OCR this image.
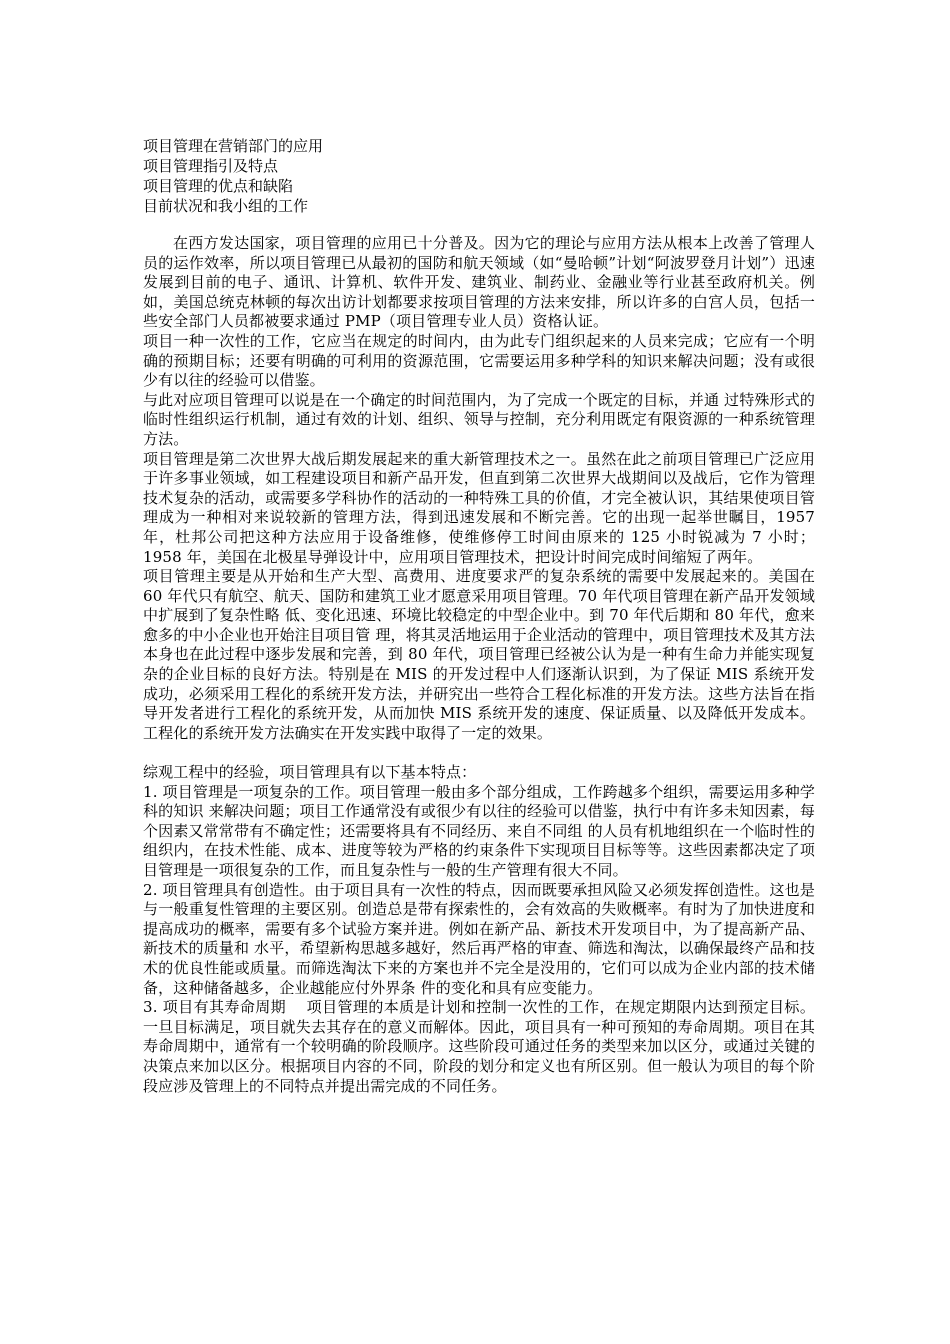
项目管理在营销部门的应用

项目管理指引及特点

项目管理的优点和缺陷

目前状况和我小组的工作

在西方发达国家，项目管理的应用已十分普及。因为它的理论与应用方法从根本上改善了管理人员的运作效率，所以项目管理已从最初的国防和航天领域（如“曼哈顿”计划“阿波罗登月计划”）迅速发展到目前的电子、通讯、计算机、软件开发、建筑业、制药业、金融业等行业甚至政府机关。例如，美国总统克林顿的每次出访计划都要求按项目管理的方法来安排，所以许多的白宫人员，包括一些安全部门人员都被要求通过 PMP（项目管理专业人员）资格认证。

项目一种一次性的工作，它应当在规定的时间内，由为此专门组织起来的人员来完成；它应有一个明确的预期目标；还要有明确的可利用的资源范围，它需要运用多种学科的知识来解决问题；没有或很少有以往的经验可以借鉴。

与此对应项目管理可以说是在一个确定的时间范围内，为了完成一个既定的目标，并通 过特殊形式的临时性组织运行机制，通过有效的计划、组织、领导与控制，充分利用既定有限资源的一种系统管理方法。

项目管理是第二次世界大战后期发展起来的重大新管理技术之一。虽然在此之前项目管理已广泛应用于许多事业领域，如工程建设项目和新产品开发，但直到第二次世界大战期间以及战后，它作为管理技术复杂的活动，或需要多学科协作的活动的一种特殊工具的价值，才完全被认识，其结果使项目管理成为一种相对来说较新的管理方法，得到迅速发展和不断完善。它的出现一起举世瞩目，1957 年，杜邦公司把这种方法应用于设备维修，使维修停工时间由原来的 125 小时锐减为 7 小时；1958 年，美国在北极星导弹设计中，应用项目管理技术，把设计时间完成时间缩短了两年。

项目管理主要是从开始和生产大型、高费用、进度要求严的复杂系统的需要中发展起来的。美国在 60 年代只有航空、航天、国防和建筑工业才愿意采用项目管理。70 年代项目管理在新产品开发领域中扩展到了复杂性略 低、变化迅速、环境比较稳定的中型企业中。到 70 年代后期和 80 年代，愈来愈多的中小企业也开始注目项目管 理，将其灵活地运用于企业活动的管理中，项目管理技术及其方法本身也在此过程中逐步发展和完善，到 80 年代，项目管理已经被公认为是一种有生命力并能实现复杂的企业目标的良好方法。特别是在 MIS 的开发过程中人们逐渐认识到，为了保证 MIS 系统开发成功，必须采用工程化的系统开发方法，并研究出一些符合工程化标准的开发方法。这些方法旨在指导开发者进行工程化的系统开发，从而加快 MIS 系统开发的速度、保证质量、以及降低开发成本。工程化的系统开发方法确实在开发实践中取得了一定的效果。

综观工程中的经验，项目管理具有以下基本特点：

1. 项目管理是一项复杂的工作。项目管理一般由多个部分组成，工作跨越多个组织，需要运用多种学科的知识 来解决问题；项目工作通常没有或很少有以往的经验可以借鉴，执行中有许多未知因素，每个因素又常常带有不确定性；还需要将具有不同经历、来自不同组 的人员有机地组织在一个临时性的组织内，在技术性能、成本、进度等较为严格的约束条件下实现项目目标等等。这些因素都决定了项目管理是一项很复杂的工作，而且复杂性与一般的生产管理有很大不同。

2. 项目管理具有创造性。由于项目具有一次性的特点，因而既要承担风险又必须发挥创造性。这也是与一般重复性管理的主要区别。创造总是带有探索性的，会有效高的失败概率。有时为了加快进度和提高成功的概率，需要有多个试验方案并进。例如在新产品、新技术开发项目中，为了提高新产品、新技术的质量和 水平，希望新构思越多越好，然后再严格的审查、筛选和淘汰，以确保最终产品和技术的优良性能或质量。而筛选淘汰下来的方案也并不完全是没用的，它们可以成为企业内部的技术储备，这种储备越多，企业越能应付外界条 件的变化和具有应变能力。

3. 项目有其寿命周期　 项目管理的本质是计划和控制一次性的工作，在规定期限内达到预定目标。一旦目标满足，项目就失去其存在的意义而解体。因此，项目具有一种可预知的寿命周期。项目在其寿命周期中，通常有一个较明确的阶段顺序。这些阶段可通过任务的类型来加以区分，或通过关键的决策点来加以区分。根据项目内容的不同，阶段的划分和定义也有所区别。但一般认为项目的每个阶段应涉及管理上的不同特点并提出需完成的不同任务。
